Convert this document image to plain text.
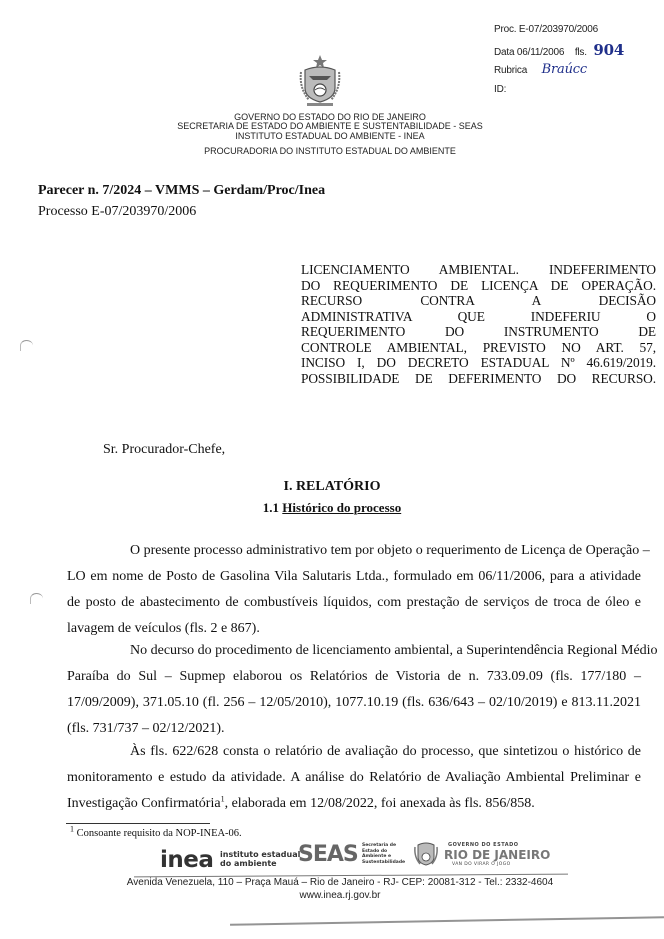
Proc. E-07/203970/2006
Data 06/11/2006 fls. 904
Rubrica Braúcc
ID:
GOVERNO DO ESTADO DO RIO DE JANEIRO
SECRETARIA DE ESTADO DO AMBIENTE E SUSTENTABILIDADE - SEAS
INSTITUTO ESTADUAL DO AMBIENTE - INEA
PROCURADORIA DO INSTITUTO ESTADUAL DO AMBIENTE
Parecer n. 7/2024 – VMMS – Gerdam/Proc/Inea
Processo E-07/203970/2006
LICENCIAMENTO AMBIENTAL. INDEFERIMENTO
DO REQUERIMENTO DE LICENÇA DE OPERAÇÃO.
RECURSO CONTRA A DECISÃO
ADMINISTRATIVA QUE INDEFERIU O
REQUERIMENTO DO INSTRUMENTO DE
CONTROLE AMBIENTAL, PREVISTO NO ART. 57,
INCISO I, DO DECRETO ESTADUAL Nº 46.619/2019.
POSSIBILIDADE DE DEFERIMENTO DO RECURSO.
Sr. Procurador-Chefe,
I. RELATÓRIO
1.1 Histórico do processo
O presente processo administrativo tem por objeto o requerimento de Licença de Operação –
LO em nome de Posto de Gasolina Vila Salutaris Ltda., formulado em 06/11/2006, para a atividade
de posto de abastecimento de combustíveis líquidos, com prestação de serviços de troca de óleo e
lavagem de veículos (fls. 2 e 867).
No decurso do procedimento de licenciamento ambiental, a Superintendência Regional Médio
Paraíba do Sul – Supmep elaborou os Relatórios de Vistoria de n. 733.09.09 (fls. 177/180 –
17/09/2009), 371.05.10 (fl. 256 – 12/05/2010), 1077.10.19 (fls. 636/643 – 02/10/2019) e 813.11.2021
(fls. 731/737 – 02/12/2021).
Às fls. 622/628 consta o relatório de avaliação do processo, que sintetizou o histórico de
monitoramento e estudo da atividade. A análise do Relatório de Avaliação Ambiental Preliminar e
Investigação Confirmatória$^1$, elaborada em 12/08/2022, foi anexada às fls. 856/858.
$^1$ Consoante requisito da NOP-INEA-06.
inea instituto estadual
do ambiente SEAS Secretaria de
Estado do
Ambiente e
Sustentabilidade
GOVERNO DO ESTADO
RIO DE JANEIRO
VAN DO VIRAR O JOGO
Avenida Venezuela, 110 – Praça Mauá – Rio de Janeiro - RJ- CEP: 20081-312 - Tel.: 2332-4604
www.inea.rj.gov.br
